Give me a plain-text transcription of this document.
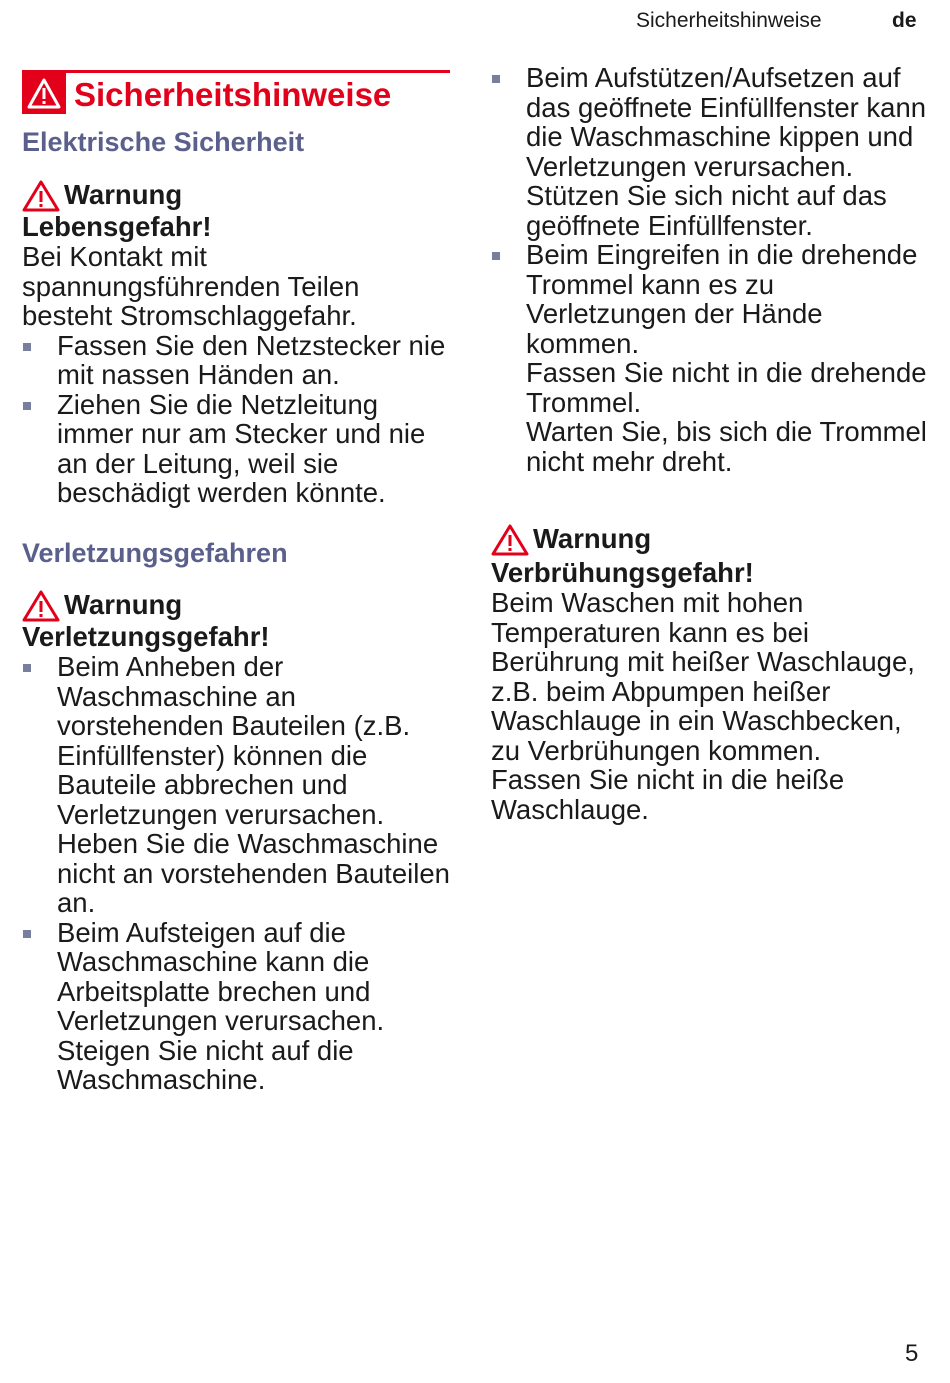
Sicherheitshinweise	de
Sicherheitshinweise
Elektrische Sicherheit
Warnung
Lebensgefahr!

Bei Kontakt mit spannungsführenden Teilen besteht Stromschlaggefahr.

Fassen Sie den Netzstecker nie mit nassen Händen an.
Ziehen Sie die Netzleitung immer nur am Stecker und nie an der Leitung, weil sie beschädigt werden könnte.
Verletzungsgefahren
Warnung
Verletzungsgefahr!
Beim Anheben der Waschmaschine an vorstehenden Bauteilen (z.B. Einfüllfenster) können die Bauteile abbrechen und Verletzungen verursachen. Heben Sie die Waschmaschine nicht an vorstehenden Bauteilen an.
Beim Aufsteigen auf die Waschmaschine kann die Arbeitsplatte brechen und Verletzungen verursachen. Steigen Sie nicht auf die Waschmaschine.
Beim Aufstützen/Aufsetzen auf das geöffnete Einfüllfenster kann die Waschmaschine kippen und Verletzungen verursachen. Stützen Sie sich nicht auf das geöffnete Einfüllfenster.

Beim Eingreifen in die drehende Trommel kann es zu Verletzungen der Hände kommen.

Fassen Sie nicht in die drehende Trommel.

Warten Sie, bis sich die Trommel nicht mehr dreht.

Warnung
Verbrühungsgefahr!

Beim Waschen mit hohen Temperaturen kann es bei Berührung mit heißer Waschlauge, z.B. beim Abpumpen heißer Waschlauge in ein Waschbecken, zu Verbrühungen kommen. Fassen Sie nicht in die heiße Waschlauge.

5
